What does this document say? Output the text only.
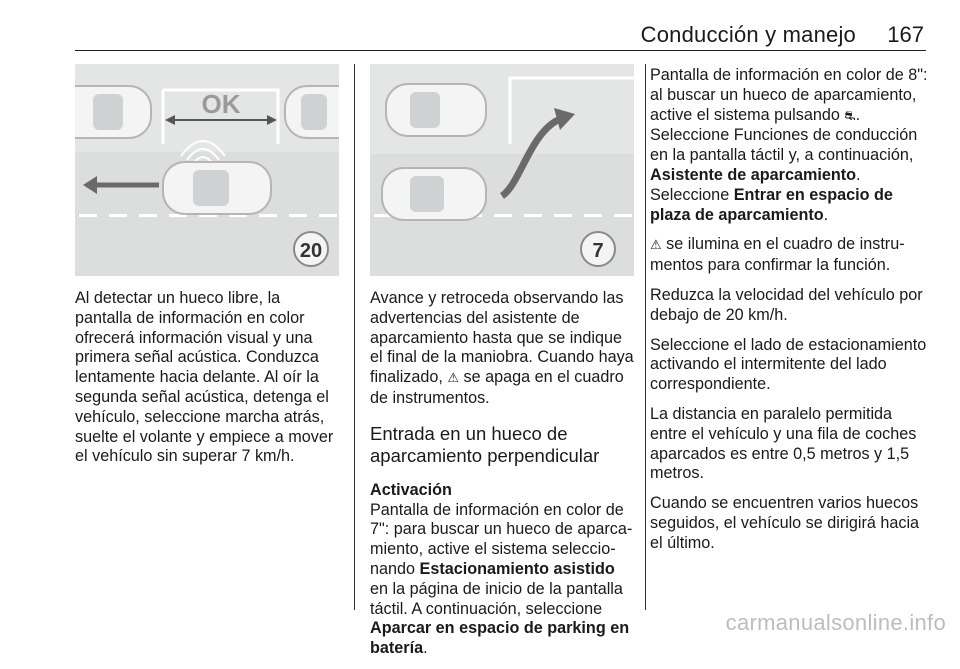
Conducción y manejo 167
OK
20	7

Al detectar un hueco libre, la pantalla de información en color ofrecerá información visual y una primera señal acústica. Conduzca lentamente hacia delante. Al oír la segunda señal acústica, detenga el vehículo, seleccione marcha atrás, suelte el volante y empiece a mover el vehículo sin superar 7 km/h.

Avance y retroceda observando las advertencias del asistente de aparcamiento hasta que se indique el final de la maniobra. Cuando haya finalizado, ⚠ se apaga en el cuadro de instrumentos.

Entrada en un hueco de aparcamiento perpendicular
Activación

Pantalla de información en color de 7": para buscar un hueco de aparcamiento, active el sistema seleccionando Estacionamiento asistido en la página de inicio de la pantalla táctil. A continuación, seleccione Aparcar en espacio de parking en batería.

Pantalla de información en color de 8": al buscar un hueco de aparcamiento, active el sistema pulsando ⛐. Seleccione Funciones de conducción en la pantalla táctil y, a continuación, Asistente de aparcamiento. Seleccione Entrar en espacio de plaza de aparcamiento.

⚠ se ilumina en el cuadro de instrumentos para confirmar la función.

Reduzca la velocidad del vehículo por debajo de 20 km/h.

Seleccione el lado de estacionamiento activando el intermitente del lado correspondiente.

La distancia en paralelo permitida entre el vehículo y una fila de coches aparcados es entre 0,5 metros y 1,5 metros.

Cuando se encuentren varios huecos seguidos, el vehículo se dirigirá hacia el último.

carmanualsonline.info
